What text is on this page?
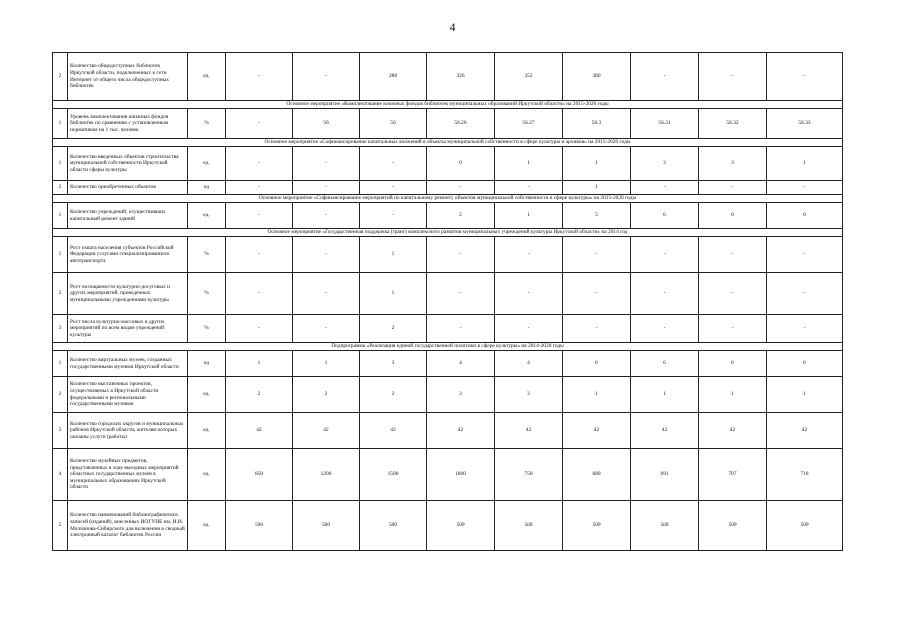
4
2	Количество общедоступных библиотек Иркутской области, подключенных к сети Интернет от общего числа общедоступных библиотек	ед.	-	-	288	326	352	380	-	-	-
Основное мероприятие «Комплектование книжных фондов библиотек муниципальных образований Иркутской области» на 2015-2020 годы											
1	Уровень комплектования книжных фондов библиотек по сравнению с установленным нормативом на 1 тыс. человек	%	-	56	56	56.26	56.27	56.3	56.31	56.32	56.33
Основное мероприятие «Софинансирование капитальных вложений в объекты муниципальной собственности в сфере культуры и архивов» на 2015-2020 годы											
1	Количество введенных объектов строительства муниципальной собственности Иркутской области сферы культуры	ед.	-	-	-	0	1	1	3	3	1
2	Количество приобретенных объектов	ед	-	-	-	-	-	1	-	-	-
Основное мероприятие «Софинансирование мероприятий по капитальному ремонту объектов муниципальной собственности в сфере культуры» на 2015-2020 годы											
1	Количество учреждений, осуществивших капитальный ремонт зданий	ед.	-	-	-	2	1	5	6	0	0
Основное мероприятие «Государственная поддержка (грант) комплексного развития муниципальных учреждений культуры Иркутской области» на 2014 год											
1	Рост охвата населения субъектов Российской Федерации услугами специализированного автотранспорта	%	-	-	1	-	-	-	-	-	-
2	Рост посещаемости культурно-досуговых и других мероприятий, проведенных муниципальными учреждениями культуры	%	-	-	1	-	-	-	-	-	-
3	Рост числа культурно-массовых и других мероприятий по всем видам учреждений культуры	%	-	-	2	-	-	-	-	-	-
Подпрограмма «Реализация единой государственной политики в сфере культуры» на 2014-2020 годы											
1	Количество виртуальных музеев, созданных государственными музеями Иркутской области	ед	1	1	3	4	4	6	6	6	6
2	Количество выставочных проектов, осуществляемых в Иркутской области федеральными и региональными государственными музеями	ед.	2	2	2	3	3	1	1	1	1
3	Количество городских округов и муниципальных районов Иркутской области, жителям которых оказаны услуги (работы)	ед.	42	42	42	42	42	42	42	42	42
4	Количество музейных предметов, представленных в ходе выездных мероприятий областных государственных музеев в муниципальных образованиях Иркутской области	ед.	850	1200	1500	1800	750	680	691	707	718
5	Количество наименований библиографических записей (изданий), внесенных ИОГУНБ им. И.И. Молчанова-Сибирского для включения в сводный электронный каталог библиотек России	ед.	500	500	500	500	500	500	500	500	500
